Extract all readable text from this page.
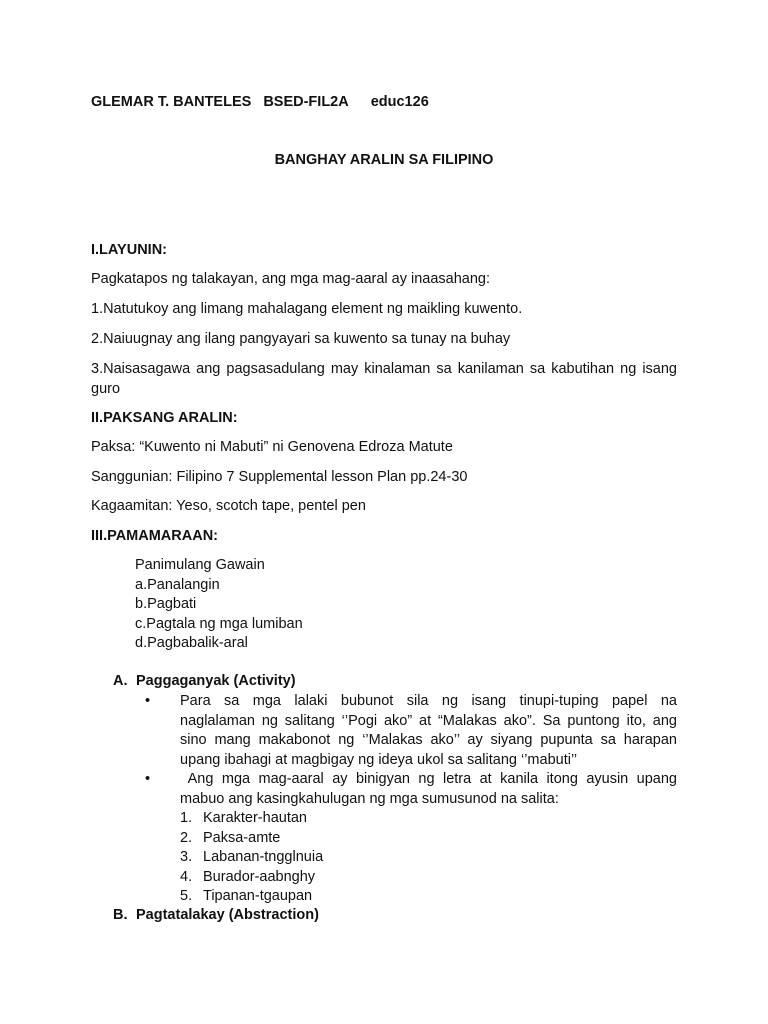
GLEMAR T. BANTELES BSED-FIL2A educ126
BANGHAY ARALIN SA FILIPINO
I.LAYUNIN:
Pagkatapos ng talakayan, ang mga mag-aaral ay inaasahang:
1.Natutukoy ang limang mahalagang element ng maikling kuwento.
2.Naiuugnay ang ilang pangyayari sa kuwento sa tunay na buhay
3.Naisasagawa ang pagsasadulang may kinalaman sa kanilaman sa kabutihan ng isang guro
II.PAKSANG ARALIN:
Paksa: “Kuwento ni Mabuti” ni Genovena Edroza Matute
Sanggunian: Filipino 7 Supplemental lesson Plan pp.24-30
Kagaamitan: Yeso, scotch tape, pentel pen
III.PAMAMARAAN:
Panimulang Gawain
a.Panalangin
b.Pagbati
c.Pagtala ng mga lumiban
d.Pagbabalik-aral
A. Paggaganyak (Activity)
• Para sa mga lalaki bubunot sila ng isang tinupi-tuping papel na
naglalaman ng salitang ‘’Pogi ako” at “Malakas ako”. Sa puntong ito, ang
sino mang makabonot ng ‘’Malakas ako’’ ay siyang pupunta sa harapan
upang ibahagi at magbigay ng ideya ukol sa salitang ‘’mabuti’’
• Ang mga mag-aaral ay binigyan ng letra at kanila itong ayusin upang
mabuo ang kasingkahulugan ng mga sumusunod na salita:
1. Karakter-hautan
2. Paksa-amte
3. Labanan-tngglnuia
4. Burador-aabnghy
5. Tipanan-tgaupan
B. Pagtatalakay (Abstraction)
